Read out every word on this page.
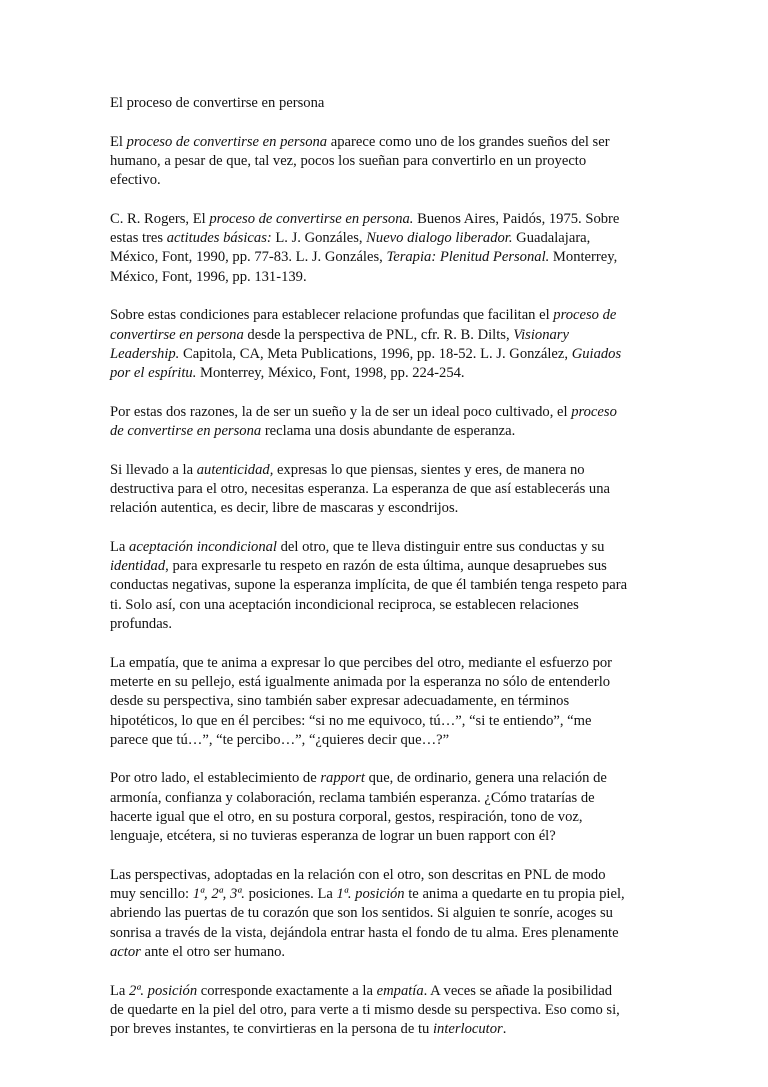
El proceso de convertirse en persona

El proceso de convertirse en persona aparece como uno de los grandes sueños del ser
humano, a pesar de que, tal vez, pocos los sueñan para convertirlo en un proyecto
efectivo.

C. R. Rogers, El proceso de convertirse en persona. Buenos Aires, Paidós, 1975. Sobre
estas tres actitudes básicas: L. J. Gonzáles, Nuevo dialogo liberador. Guadalajara,
México, Font, 1990, pp. 77-83. L. J. Gonzáles, Terapia: Plenitud Personal. Monterrey,
México, Font, 1996, pp. 131-139.

Sobre estas condiciones para establecer relacione profundas que facilitan el proceso de
convertirse en persona desde la perspectiva de PNL, cfr. R. B. Dilts, Visionary
Leadership. Capitola, CA, Meta Publications, 1996, pp. 18-52. L. J. González, Guiados
por el espíritu. Monterrey, México, Font, 1998, pp. 224-254.

Por estas dos razones, la de ser un sueño y la de ser un ideal poco cultivado, el proceso
de convertirse en persona reclama una dosis abundante de esperanza.

Si llevado a la autenticidad, expresas lo que piensas, sientes y eres, de manera no
destructiva para el otro, necesitas esperanza. La esperanza de que así establecerás una
relación autentica, es decir, libre de mascaras y escondrijos.

La aceptación incondicional del otro, que te lleva distinguir entre sus conductas y su
identidad, para expresarle tu respeto en razón de esta última, aunque desapruebes sus
conductas negativas, supone la esperanza implícita, de que él también tenga respeto para
ti. Solo así, con una aceptación incondicional reciproca, se establecen relaciones
profundas.

La empatía, que te anima a expresar lo que percibes del otro, mediante el esfuerzo por
meterte en su pellejo, está igualmente animada por la esperanza no sólo de entenderlo
desde su perspectiva, sino también saber expresar adecuadamente, en términos
hipotéticos, lo que en él percibes: “si no me equivoco, tú…”, “si te entiendo”, “me
parece que tú…”, “te percibo…”, “¿quieres decir que…?”

Por otro lado, el establecimiento de rapport que, de ordinario, genera una relación de
armonía, confianza y colaboración, reclama también esperanza. ¿Cómo tratarías de
hacerte igual que el otro, en su postura corporal, gestos, respiración, tono de voz,
lenguaje, etcétera, si no tuvieras esperanza de lograr un buen rapport con él?

Las perspectivas, adoptadas en la relación con el otro, son descritas en PNL de modo
muy sencillo: 1ª, 2ª, 3ª. posiciones. La 1ª. posición te anima a quedarte en tu propia piel,
abriendo las puertas de tu corazón que son los sentidos. Si alguien te sonríe, acoges su
sonrisa a través de la vista, dejándola entrar hasta el fondo de tu alma. Eres plenamente
actor ante el otro ser humano.

La 2ª. posición corresponde exactamente a la empatía. A veces se añade la posibilidad
de quedarte en la piel del otro, para verte a ti mismo desde su perspectiva. Eso como si,
por breves instantes, te convirtieras en la persona de tu interlocutor.
